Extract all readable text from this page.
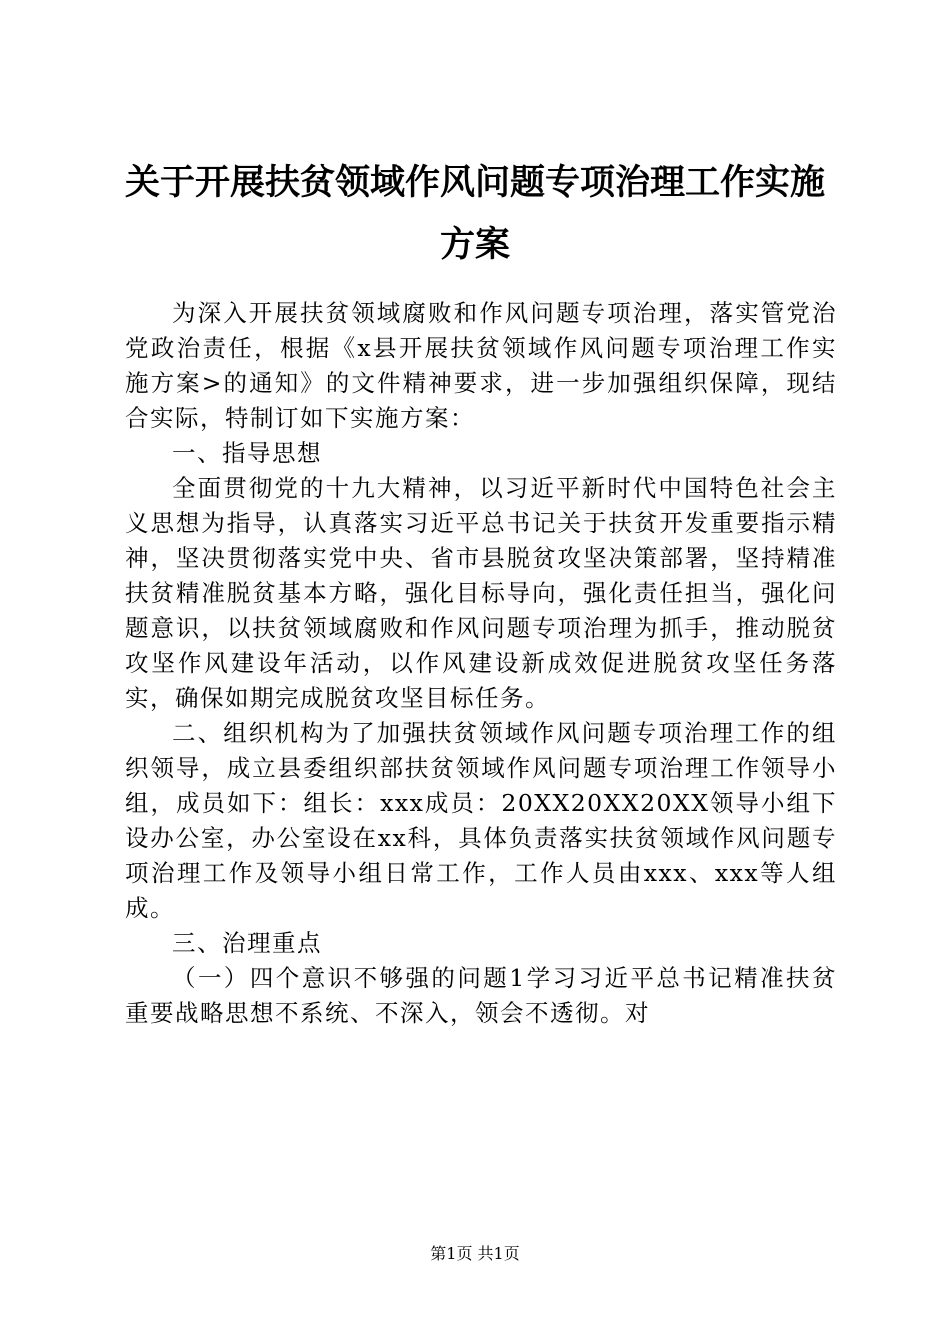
关于开展扶贫领域作风问题专项治理工作实施
方案

为深入开展扶贫领域腐败和作风问题专项治理，落实管党治党政治责任，根据《x县开展扶贫领域作风问题专项治理工作实施方案>的通知》的文件精神要求，进一步加强组织保障，现结合实际，特制订如下实施方案：

一、指导思想

全面贯彻党的十九大精神，以习近平新时代中国特色社会主义思想为指导，认真落实习近平总书记关于扶贫开发重要指示精神，坚决贯彻落实党中央、省市县脱贫攻坚决策部署，坚持精准扶贫精准脱贫基本方略，强化目标导向，强化责任担当，强化问题意识，以扶贫领域腐败和作风问题专项治理为抓手，推动脱贫攻坚作风建设年活动，以作风建设新成效促进脱贫攻坚任务落实，确保如期完成脱贫攻坚目标任务。

二、组织机构为了加强扶贫领域作风问题专项治理工作的组织领导，成立县委组织部扶贫领域作风问题专项治理工作领导小组，成员如下：组长：xxx成员：20XX20XX20XX领导小组下设办公室，办公室设在xx科，具体负责落实扶贫领域作风问题专项治理工作及领导小组日常工作，工作人员由xxx、xxx等人组成。

三、治理重点

（一）四个意识不够强的问题1学习习近平总书记精准扶贫重要战略思想不系统、不深入，领会不透彻。对

第1页 共1页
